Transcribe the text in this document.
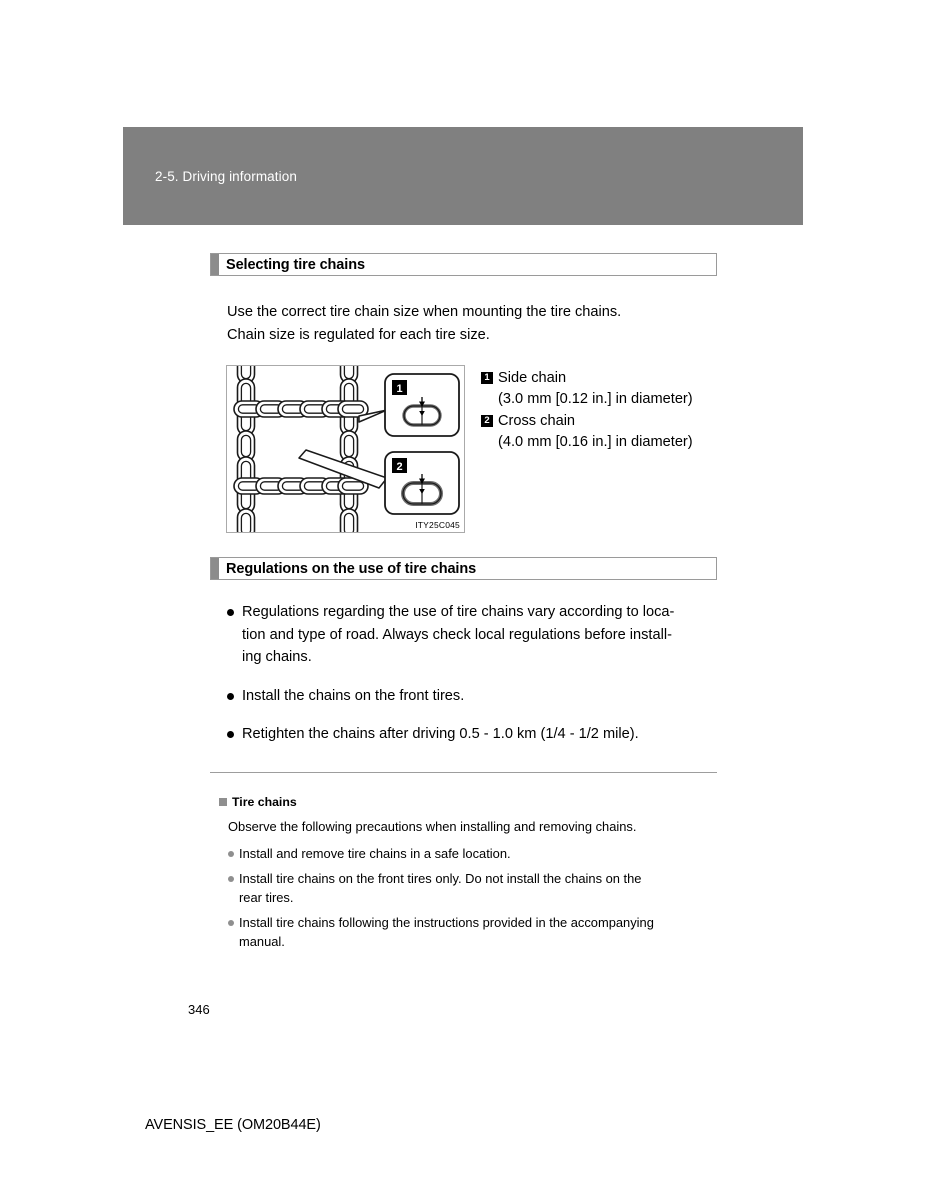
2-5. Driving information
Selecting tire chains
Use the correct tire chain size when mounting the tire chains.
Chain size is regulated for each tire size.
1
2
ITY25C045
1 Side chain
(3.0 mm [0.12 in.] in diameter)
2 Cross chain
(4.0 mm [0.16 in.] in diameter)
Regulations on the use of tire chains
Regulations regarding the use of tire chains vary according to loca-
tion and type of road. Always check local regulations before install-
ing chains.
Install the chains on the front tires.
Retighten the chains after driving 0.5 - 1.0 km (1/4 - 1/2 mile).
Tire chains
Observe the following precautions when installing and removing chains.
Install and remove tire chains in a safe location.
Install tire chains on the front tires only. Do not install the chains on the
rear tires.
Install tire chains following the instructions provided in the accompanying
manual.
346
AVENSIS_EE (OM20B44E)
